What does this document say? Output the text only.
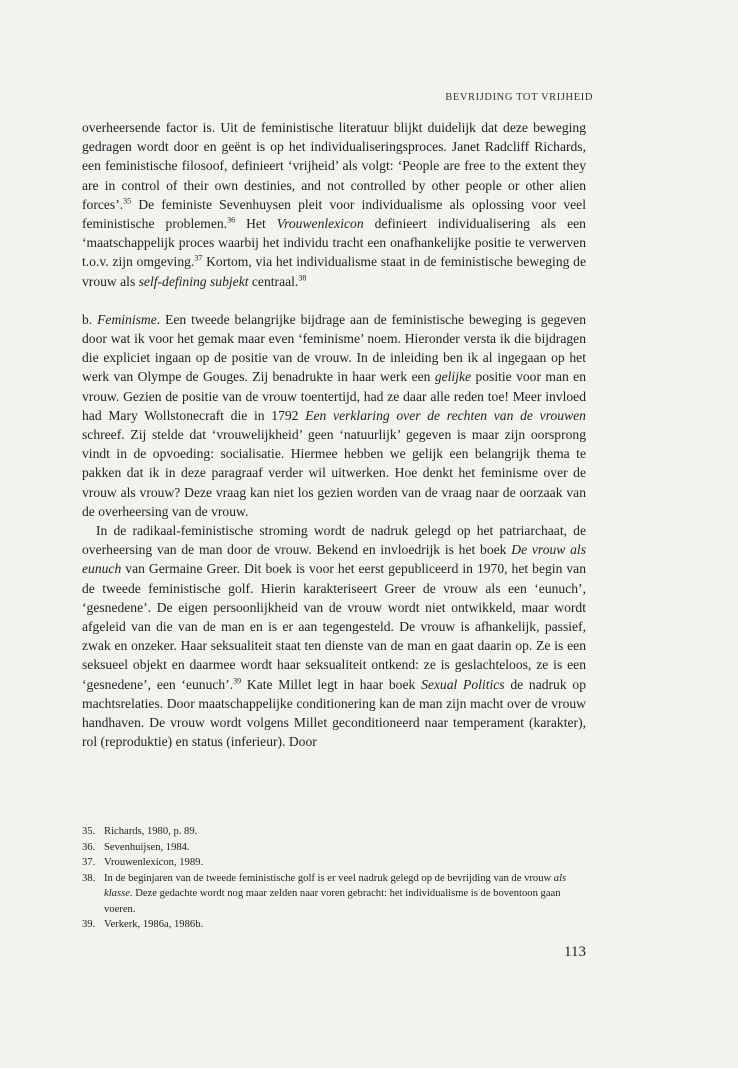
BEVRIJDING TOT VRIJHEID

overheersende factor is. Uit de feministische literatuur blijkt duidelijk dat deze beweging gedragen wordt door en geënt is op het individualiseringsproces. Janet Radcliff Richards, een feministische filosoof, definieert ‘vrijheid’ als volgt: ‘People are free to the extent they are in control of their own destinies, and not controlled by other people or other alien forces’.$^{35}$ De feministe Sevenhuysen pleit voor individualisme als oplossing voor veel feministische problemen.$^{36}$ Het Vrouwenlexicon definieert individualisering als een ‘maatschappelijk proces waarbij het individu tracht een onafhankelijke positie te verwerven t.o.v. zijn omgeving.$^{37}$ Kortom, via het individualisme staat in de feministische beweging de vrouw als self-defining subjekt centraal.$^{38}$

b. Feminisme. Een tweede belangrijke bijdrage aan de feministische beweging is gegeven door wat ik voor het gemak maar even ‘feminisme’ noem. Hieronder versta ik die bijdragen die expliciet ingaan op de positie van de vrouw. In de inleiding ben ik al ingegaan op het werk van Olympe de Gouges. Zij benadrukte in haar werk een gelijke positie voor man en vrouw. Gezien de positie van de vrouw toentertijd, had ze daar alle reden toe! Meer invloed had Mary Wollstonecraft die in 1792 Een verklaring over de rechten van de vrouwen schreef. Zij stelde dat ‘vrouwelijkheid’ geen ‘natuurlijk’ gegeven is maar zijn oorsprong vindt in de opvoeding: socialisatie. Hiermee hebben we gelijk een belangrijk thema te pakken dat ik in deze paragraaf verder wil uitwerken. Hoe denkt het feminisme over de vrouw als vrouw? Deze vraag kan niet los gezien worden van de vraag naar de oorzaak van de overheersing van de vrouw.

In de radikaal-feministische stroming wordt de nadruk gelegd op het patriarchaat, de overheersing van de man door de vrouw. Bekend en invloedrijk is het boek De vrouw als eunuch van Germaine Greer. Dit boek is voor het eerst gepubliceerd in 1970, het begin van de tweede feministische golf. Hierin karakteriseert Greer de vrouw als een ‘eunuch’, ‘gesnedene’. De eigen persoonlijkheid van de vrouw wordt niet ontwikkeld, maar wordt afgeleid van die van de man en is er aan tegengesteld. De vrouw is afhankelijk, passief, zwak en onzeker. Haar seksualiteit staat ten dienste van de man en gaat daarin op. Ze is een seksueel objekt en daarmee wordt haar seksualiteit ontkend: ze is geslachteloos, ze is een ‘gesnedene’, een ‘eunuch’.$^{39}$ Kate Millet legt in haar boek Sexual Politics de nadruk op machtsrelaties. Door maatschappelijke conditionering kan de man zijn macht over de vrouw handhaven. De vrouw wordt volgens Millet geconditioneerd naar temperament (karakter), rol (reproduktie) en status (inferieur). Door

35. Richards, 1980, p. 89.
36. Sevenhuijsen, 1984.
37. Vrouwenlexicon, 1989.
38. In de beginjaren van de tweede feministische golf is er veel nadruk gelegd op de bevrijding van de vrouw als klasse. Deze gedachte wordt nog maar zelden naar voren gebracht: het individualisme is de boventoon gaan voeren.
39. Verkerk, 1986a, 1986b.
113
